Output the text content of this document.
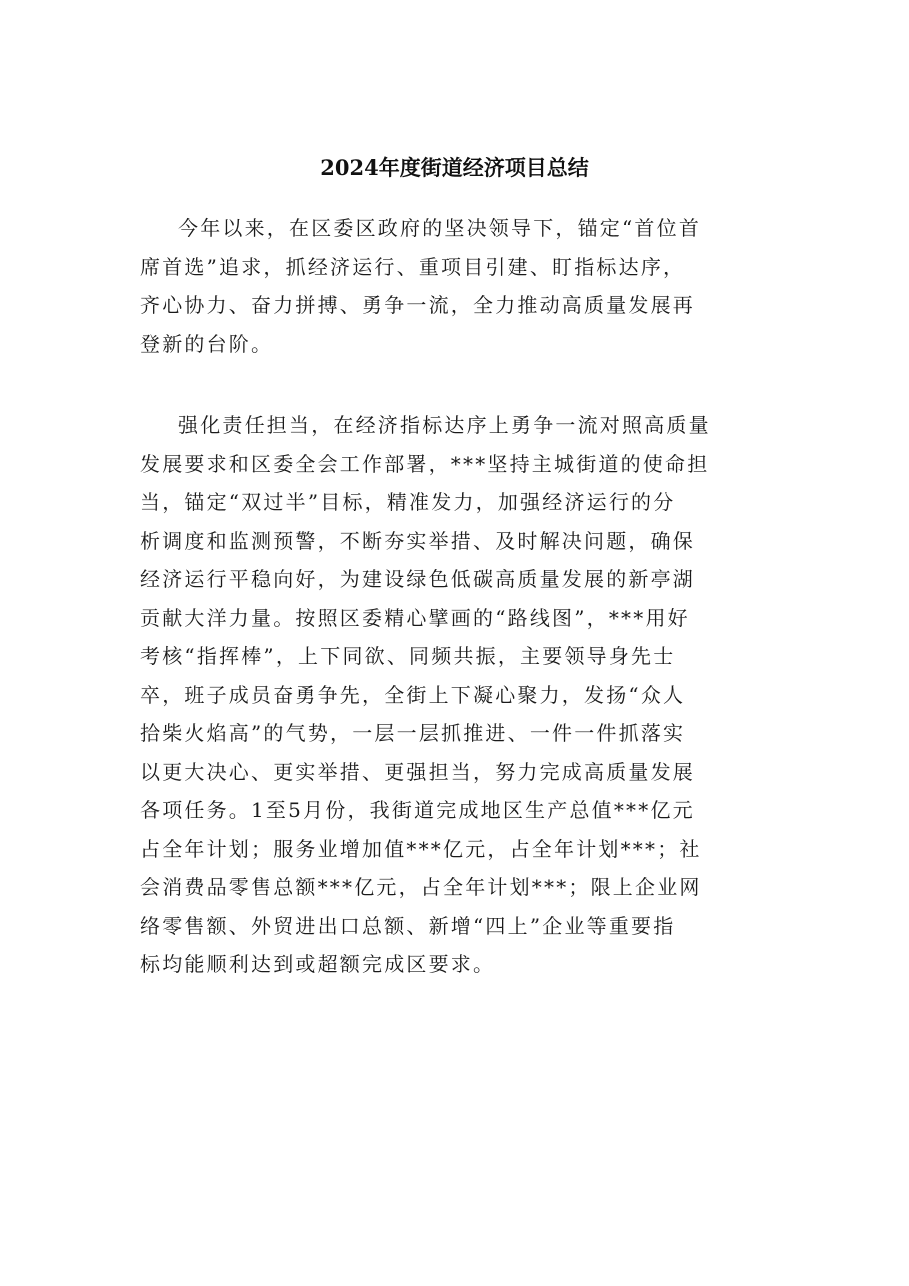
2024年度街道经济项目总结
今年以来，在区委区政府的坚决领导下，锚定“首位首
席首选”追求，抓经济运行、重项目引建、盯指标达序，
齐心协力、奋力拼搏、勇争一流，全力推动高质量发展再
登新的台阶。
强化责任担当，在经济指标达序上勇争一流对照高质量
发展要求和区委全会工作部署，***坚持主城街道的使命担
当，锚定“双过半”目标，精准发力，加强经济运行的分
析调度和监测预警，不断夯实举措、及时解决问题，确保
经济运行平稳向好，为建设绿色低碳高质量发展的新亭湖
贡献大洋力量。按照区委精心擘画的“路线图”，***用好
考核“指挥棒”，上下同欲、同频共振，主要领导身先士
卒，班子成员奋勇争先，全街上下凝心聚力，发扬“众人
拾柴火焰高”的气势，一层一层抓推进、一件一件抓落实
以更大决心、更实举措、更强担当，努力完成高质量发展
各项任务。1至5月份，我街道完成地区生产总值***亿元
占全年计划；服务业增加值***亿元，占全年计划***；社
会消费品零售总额***亿元，占全年计划***；限上企业网
络零售额、外贸进出口总额、新增“四上”企业等重要指
标均能顺利达到或超额完成区要求。
